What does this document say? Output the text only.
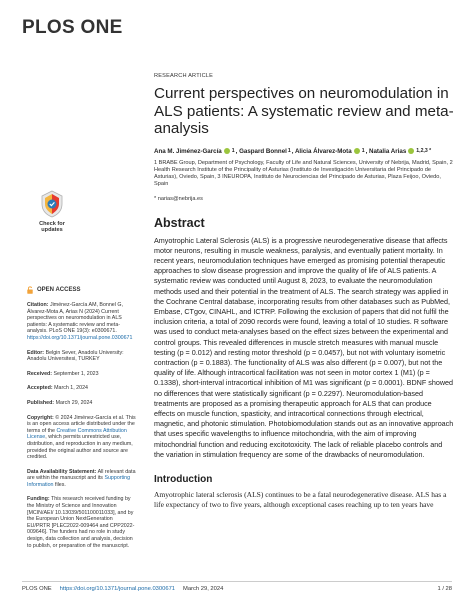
PLOS ONE
Check for
updates
OPEN ACCESS
Citation: Jiménez-García AM, Bonnel G, Álvarez-Mota A, Arias N (2024) Current perspectives on neuromodulation in ALS patients: A systematic review and meta-analysis. PLoS ONE 19(3): e0300671. https://doi.org/10.1371/journal.pone.0300671
Editor: Belgin Sever, Anadolu University: Anadolu Universitesi, TURKEY
Received: September 1, 2023
Accepted: March 1, 2024
Published: March 29, 2024
Copyright: © 2024 Jiménez-García et al. This is an open access article distributed under the terms of the Creative Commons Attribution License, which permits unrestricted use, distribution, and reproduction in any medium, provided the original author and source are credited.
Data Availability Statement: All relevant data are within the manuscript and its Supporting Information files.
Funding: This research received funding by the Ministry of Science and Innovation [MCIN/AEI/ 10.13039/501100011033], and by the European Union NextGeneration EU/PRTR [PLEC2022-009464 and CPP2022-009646]. The funders had no role in study design, data collection and analysis, decision to publish, or preparation of the manuscript.
RESEARCH ARTICLE
Current perspectives on neuromodulation in ALS patients: A systematic review and meta-analysis
Ana M. Jiménez-García 1 , Gaspard Bonnel 1 , Alicia Álvarez-Mota 1 , Natalia Arias 1,2,3 *
1 BRABE Group, Department of Psychology, Faculty of Life and Natural Sciences, University of Nebrija, Madrid, Spain, 2 Health Research Institute of the Principality of Asturias (Instituto de Investigación Universitaria del Principado de Asturias), Oviedo, Spain, 3 INEUROPA, Instituto de Neurociencias del Principado de Asturias, Plaza Feijoo, Oviedo, Spain
* narias@nebrija.es
Abstract

Amyotrophic Lateral Sclerosis (ALS) is a progressive neurodegenerative disease that affects motor neurons, resulting in muscle weakness, paralysis, and eventually patient mortality. In recent years, neuromodulation techniques have emerged as promising potential therapeutic approaches to slow disease progression and improve the quality of life of ALS patients. A systematic review was conducted until August 8, 2023, to evaluate the neuromodulation methods used and their potential in the treatment of ALS. The search strategy was applied in the Cochrane Central database, incorporating results from other databases such as PubMed, Embase, CTgov, CINAHL, and ICTRP. Following the exclusion of papers that did not fulfil the inclusion criteria, a total of 2090 records were found, leaving a total of 10 studies. R software was used to conduct meta-analyses based on the effect sizes between the experimental and control groups. This revealed differences in muscle stretch measures with manual muscle testing (p = 0.012) and resting motor threshold (p = 0.0457), but not with voluntary isometric contraction (p = 0.1883). The functionality of ALS was also different (p = 0.007), but not the quality of life. Although intracortical facilitation was not seen in motor cortex 1 (M1) (p = 0.1338), short-interval intracortical inhibition of M1 was significant (p = 0.0001). BDNF showed no differences that were statistically significant (p = 0.2297). Neuromodulation-based treatments are proposed as a promising therapeutic approach for ALS that can produce effects on muscle function, spasticity, and intracortical connections through electrical, magnetic, and photonic stimulation. Photobiomodulation stands out as an innovative approach that uses specific wavelengths to influence mitochondria, with the aim of improving mitochondrial function and reducing excitotoxicity. The lack of reliable placebo controls and the variation in stimulation frequency are some of the drawbacks of neuromodulation.

Introduction

Amyotrophic lateral sclerosis (ALS) continues to be a fatal neurodegenerative disease. ALS has a life expectancy of two to five years, although exceptional cases reaching up to ten years have

PLOS ONE https://doi.org/10.1371/journal.pone.0300671 March 29, 2024	1 / 28
